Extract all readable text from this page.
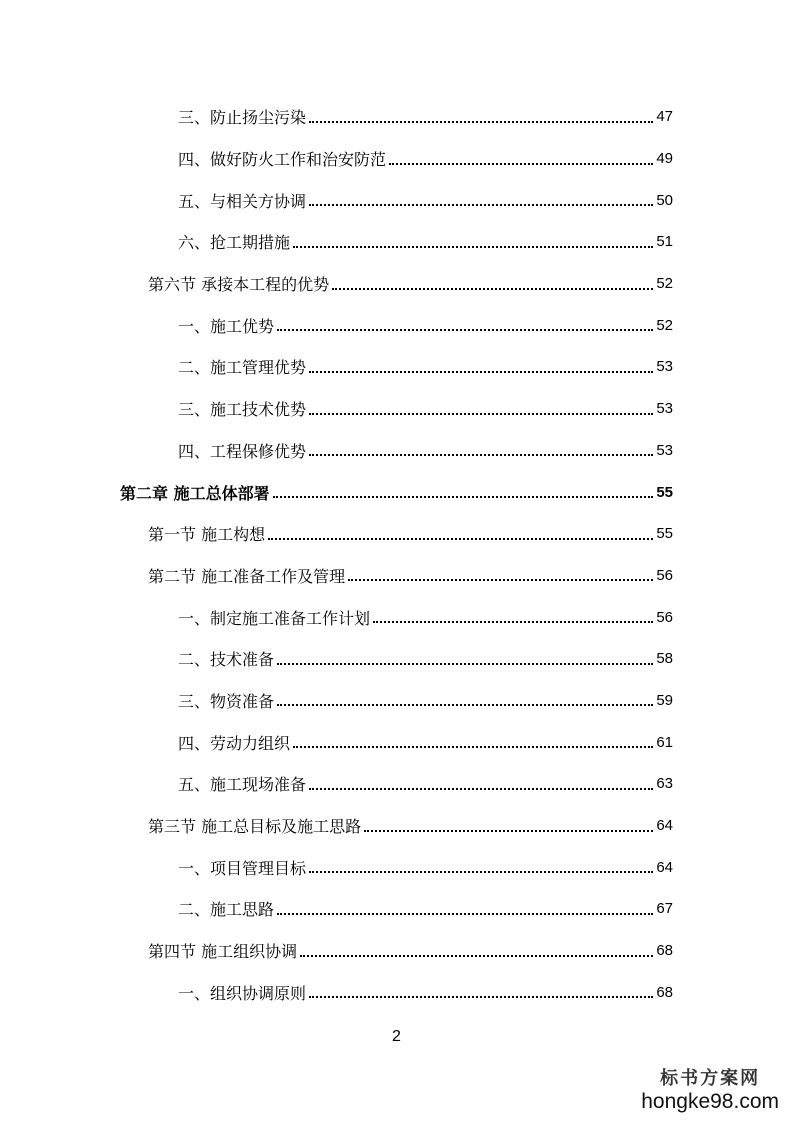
三、防止扬尘污染	47
四、做好防火工作和治安防范	49
五、与相关方协调	50
六、抢工期措施	51
第六节 承接本工程的优势	52
一、施工优势	52
二、施工管理优势	53
三、施工技术优势	53
四、工程保修优势	53
第二章 施工总体部署	55
第一节 施工构想	55
第二节 施工准备工作及管理	56
一、制定施工准备工作计划	56
二、技术准备	58
三、物资准备	59
四、劳动力组织	61
五、施工现场准备	63
第三节 施工总目标及施工思路	64
一、项目管理目标	64
二、施工思路	67
第四节 施工组织协调	68
一、组织协调原则	68
2
标书方案网
hongke98.com
